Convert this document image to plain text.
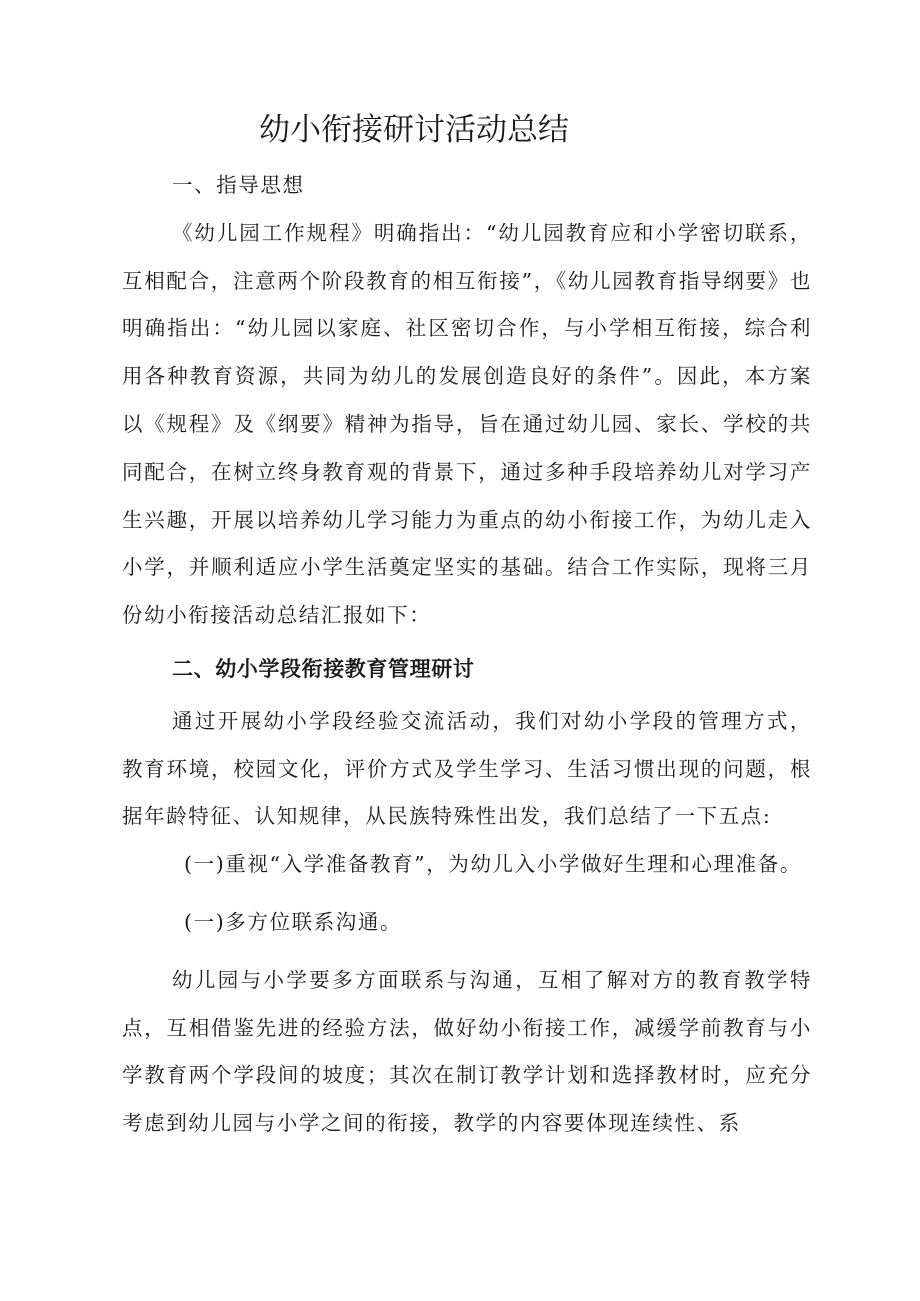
幼小衔接研讨活动总结

一、指导思想

《幼儿园工作规程》明确指出：“幼儿园教育应和小学密切联系，互相配合，注意两个阶段教育的相互衔接”，《幼儿园教育指导纲要》也明确指出：“幼儿园以家庭、社区密切合作，与小学相互衔接，综合利用各种教育资源，共同为幼儿的发展创造良好的条件”。因此，本方案以《规程》及《纲要》精神为指导，旨在通过幼儿园、家长、学校的共同配合，在树立终身教育观的背景下，通过多种手段培养幼儿对学习产生兴趣，开展以培养幼儿学习能力为重点的幼小衔接工作，为幼儿走入小学，并顺利适应小学生活奠定坚实的基础。结合工作实际，现将三月份幼小衔接活动总结汇报如下：

二、幼小学段衔接教育管理研讨

通过开展幼小学段经验交流活动，我们对幼小学段的管理方式，教育环境，校园文化，评价方式及学生学习、生活习惯出现的问题，根据年龄特征、认知规律，从民族特殊性出发，我们总结了一下五点:

(一)重视“入学准备教育”，为幼儿入小学做好生理和心理准备。

(一)多方位联系沟通。

幼儿园与小学要多方面联系与沟通，互相了解对方的教育教学特点，互相借鉴先进的经验方法，做好幼小衔接工作，减缓学前教育与小学教育两个学段间的坡度；其次在制订教学计划和选择教材时，应充分考虑到幼儿园与小学之间的衔接，教学的内容要体现连续性、系
